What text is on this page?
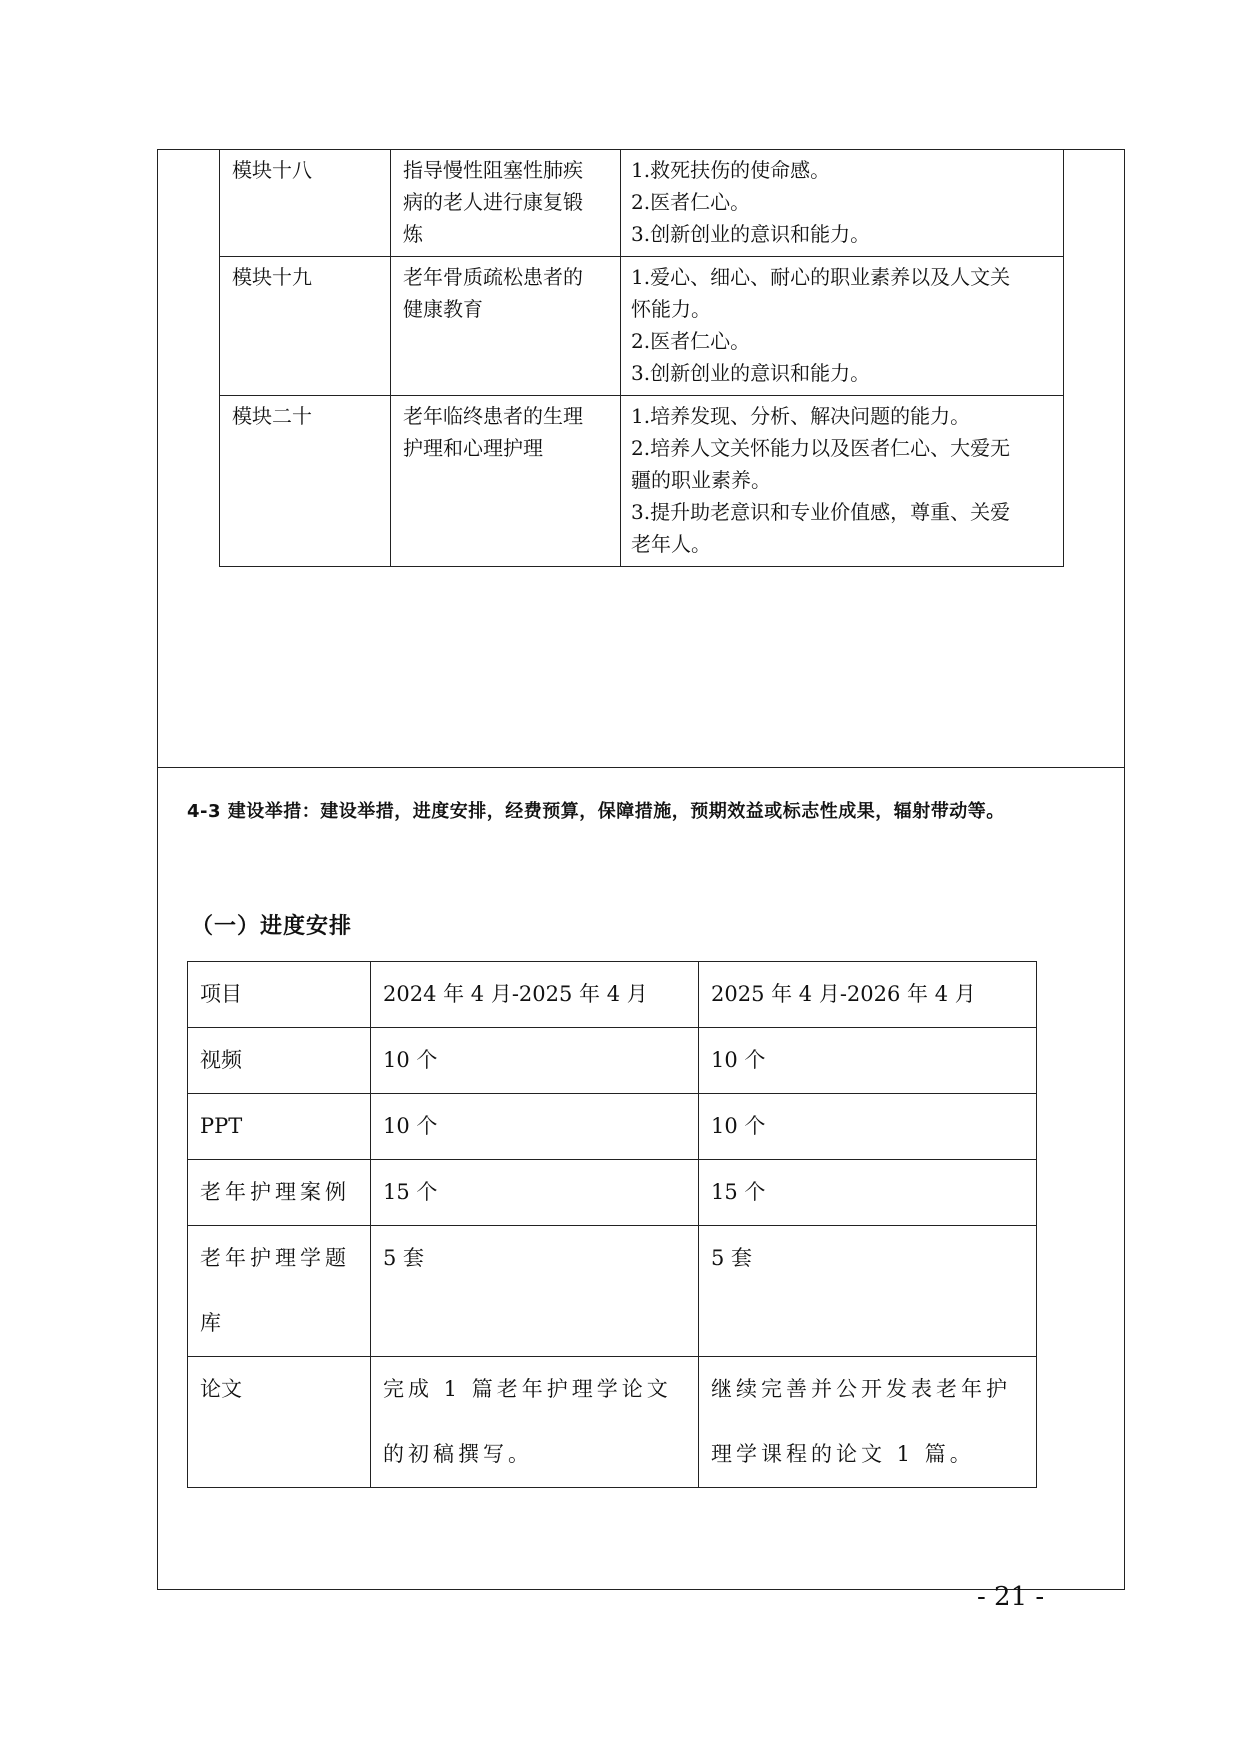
模块十八	指导慢性阻塞性肺疾
病的老人进行康复锻
炼	1.救死扶伤的使命感。
2.医者仁心。
3.创新创业的意识和能力。

模块十九	老年骨质疏松患者的
健康教育	1.爱心、细心、耐心的职业素养以及人文关
怀能力。
2.医者仁心。
3.创新创业的意识和能力。

模块二十	老年临终患者的生理
护理和心理护理	1.培养发现、分析、解决问题的能力。
2.培养人文关怀能力以及医者仁心、大爱无
疆的职业素养。
3.提升助老意识和专业价值感，尊重、关爱
老年人。
4-3 建设举措：建设举措，进度安排，经费预算，保障措施，预期效益或标志性成果，辐射带动等。
（一）进度安排
项目	2024 年 4 月-2025 年 4 月	2025 年 4 月-2026 年 4 月
视频	10 个	10 个
PPT	10 个	10 个
老年护理案例	15 个	15 个
老年护理学题库	5 套	5 套
论文	完成 1 篇老年护理学论文的初稿撰写。	继续完善并公开发表老年护理学课程的论文 1 篇。
- 21 -
